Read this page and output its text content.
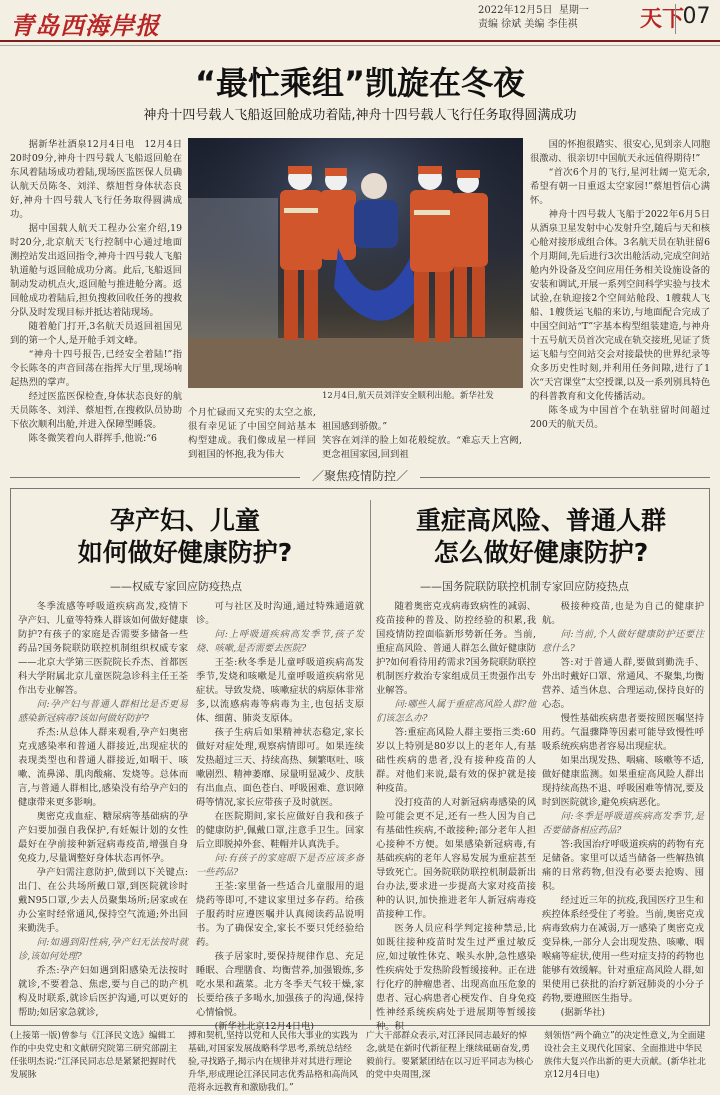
青岛西海岸报
2022年12月5日 星期一
责编 徐斌 美编 李佳祺	天下
07
“最忙乘组”凯旋在冬夜
神舟十四号载人飞船返回舱成功着陆,神舟十四号载人飞行任务取得圆满成功

据新华社酒泉12月4日电　12月4日20时09分,神舟十四号载人飞船返回舱在东风着陆场成功着陆,现场医监医保人员确认航天员陈冬、刘洋、蔡旭哲身体状态良好,神舟十四号载人飞行任务取得圆满成功。

据中国载人航天工程办公室介绍,19时20分,北京航天飞行控制中心通过地面测控站发出返回指令,神舟十四号载人飞船轨道舱与返回舱成功分离。此后,飞船返回制动发动机点火,返回舱与推进舱分离。返回舱成功着陆后,担负搜救回收任务的搜救分队及时发现目标并抵达着陆现场。

随着舱门打开,3名航天员返回祖国见到的第一个人,是开舱手刘文峰。

“神舟十四号报告,已经安全着陆!”指令长陈冬的声音回荡在指挥大厅里,现场响起热烈的掌声。

经过医监医保检查,身体状态良好的航天员陈冬、刘洋、蔡旭哲,在搜救队员协助下依次顺利出舱,并进入保障型睡袋。

陈冬微笑着向人群挥手,他说:“6

12月4日,航天员刘洋安全顺利出舱。新华社发
个月忙碌而又充实的太空之旅,很有幸见证了中国空间站基本构型建成。我们像成星一样回到祖国的怀抱,我为伟大
祖国感到骄傲。”
笑容在刘洋的脸上如花般绽放。“难忘天上宫阙,更念祖国家园,回到祖

国的怀抱很踏实、很安心,见到亲人同胞很激动、很亲切!中国航天永远值得期待!”

“首次6个月的飞行,星河壮阔一览无余,希望有朝一日重返太空家园!”蔡旭哲信心满怀。

神舟十四号载人飞船于2022年6月5日从酒泉卫星发射中心发射升空,随后与天和核心舱对接形成组合体。3名航天员在轨驻留6个月期间,先后进行3次出舱活动,完成空间站舱内外设备及空间应用任务相关设施设备的安装和调试,开展一系列空间科学实验与技术试验,在轨迎接2个空间站舱段、1艘载人飞船、1艘货运飞船的来访,与地面配合完成了中国空间站“T”字基本构型组装建造,与神舟十五号航天员首次完成在轨交接班,见证了货运飞船与空间站交会对接最快的世界纪录等众多历史性时刻,并利用任务间隙,进行了1次“天宫课堂”太空授课,以及一系列别具特色的科普教育和文化传播活动。

陈冬成为中国首个在轨驻留时间超过200天的航天员。

／聚焦疫情防控／
孕产妇、儿童
如何做好健康防护?
——权威专家回应防疫热点

冬季流感等呼吸道疾病高发,疫情下孕产妇、儿童等特殊人群该如何做好健康防护?有孩子的家庭是否需要多储备一些药品?国务院联防联控机制组织权威专家——北京大学第三医院院长乔杰、首都医科大学附属北京儿童医院急诊科主任王荃作出专业解答。

问:孕产妇与普通人群相比是否更易感染新冠病毒?该如何做好防护?

乔杰:从总体人群来观看,孕产妇奥密克戎感染率和普通人群接近,出现症状的表现类型也和普通人群接近,如咽干、咳嗽、流鼻涕、肌肉酸痛、发烧等。总体而言,与普通人群相比,感染没有给孕产妇的健康带来更多影响。

奥密克戎血症、糖尿病等基础病的孕产妇要加强自我保护,有妊娠计划的女性最好在孕前接种新冠病毒疫苗,增强自身免疫力,尽量调整好身体状态再怀孕。

孕产妇需注意防护,做到以下关键点:出门、在公共场所戴口罩,到医院就诊时戴N95口罩,少去人员聚集场所;居家或在办公室时经常通风,保持空气流通;外出回来勤洗手。

问:如遇到阳性病,孕产妇无法按时就诊,该如何处理?

乔杰:孕产妇如遇到阳感染无法按时就诊,不要着急、焦虑,要与自己的助产机构及时联系,就诊后医护沟通,可以更好的帮助;如居家急就诊,

可与社区及时沟通,通过特殊通道就诊。

问:上呼吸道疾病高发季节,孩子发烧、咳嗽,是否需要去医院?

王荃:秋冬季是儿童呼吸道疾病高发季节,发烧和咳嗽是儿童呼吸道疾病常见症状。导致发烧、咳嗽症状的病原体非常多,以流感病毒等病毒为主,也包括支原体、细菌、肺炎支原体。

孩子生病后如果精神状态稳定,家长做好对症处理,观察病情即可。如果连续发热超过三天、持续高热、频繁呕吐、咳嗽剧烈、精神萎靡、尿量明显减少、皮肤有出血点、面色苍白、呼吸困难、意识障碍等情况,家长应带孩子及时就医。

在医院期间,家长应做好自我和孩子的健康防护,佩戴口罩,注意手卫生。回家后立即脱掉外套、鞋帽并认真洗手。

问:有孩子的家庭眼下是否应该多备一些药品?

王荃:家里备一些适合儿童服用的退烧药等即可,不建议家里过多存药。给孩子服药时应遵医嘱并认真阅读药品说明书。为了确保安全,家长不要只凭经验给药。

孩子居家时,要保持规律作息、充足睡眠、合理膳食、均衡营养,加强锻炼,多吃水果和蔬菜。北方冬季天气较干燥,家长要给孩子多喝水,加强孩子的沟通,保持心情愉悦。

(新华社北京12月4日电)

重症高风险、普通人群
怎么做好健康防护?
——国务院联防联控机制专家回应防疫热点

随着奥密克戎病毒致病性的减弱、疫苗接种的普及、防控经验的积累,我国疫情防控面临新形势新任务。当前,重症高风险、普通人群怎么做好健康防护?如何看待用药需求?国务院联防联控机制医疗救治专家组成员王贵强作出专业解答。

问:哪些人属于重症高风险人群?他们该怎么办?

答:重症高风险人群主要指三类:60岁以上特别是80岁以上的老年人,有基础性疾病的患者,没有接种疫苗的人群。对他们来说,最有效的保护就是接种疫苗。

没打疫苗的人对新冠病毒感染的风险可能会更不足,还有一些人因为自己有基础性疾病,不敢接种;部分老年人担心接种不方便。如果感染新冠病毒,有基础疾病的老年人容易发展为重症甚至导致死亡。国务院联防联控机制最新出台办法,要求进一步提高大家对疫苗接种的认识,加快推进老年人新冠病毒疫苗接种工作。

医务人员应科学判定接种禁忌,比如既往接种疫苗时发生过严重过敏反应,如过敏性休克、喉头水肿,急性感染性疾病处于发热阶段暂缓接种。正在进行化疗的肿瘤患者、出现高血压危象的患者、冠心病患者心梗发作、自身免疫性神经系统疾病处于进展期等暂缓接种。积

极接种疫苗,也是为自己的健康护航。

问:当前,个人做好健康防护还要注意什么?

答:对于普通人群,要做到勤洗手、外出时戴好口罩、常通风、不聚集,均衡营养、适当休息、合理运动,保持良好的心态。

慢性基础疾病患者要按照医嘱坚持用药。气温骤降等因素可能导致慢性呼吸系统疾病患者容易出现症状。

如果出现发热、咽痛、咳嗽等不适,做好健康监测。如果重症高风险人群出现持续高热不退、呼吸困难等情况,要及时到医院就诊,避免疾病恶化。

问:冬季是呼吸道疾病高发季节,是否要储备相应药品?

答:我国治疗呼吸道疾病的药物有充足储备。家里可以适当储备一些解热镇痛的日常药物,但没有必要去抢购、囤积。

经过近三年的抗疫,我国医疗卫生和疾控体系经受住了考验。当前,奥密克戎病毒致病力在减弱,万一感染了奥密克戎变异株,一部分人会出现发热、咳嗽、咽喉痛等症状,使用一些对症支持的药物也能够有效缓解。针对重症高风险人群,如果使用已获批的治疗新冠肺炎的小分子药物,要遵照医生指导。

(据新华社)

(上接第一版)曾参与《江泽民文选》编辑工作的中央党史和文献研究院第三研究部副主任张明杰说:“江泽民同志总是紧紧把握时代发展脉
搏和契机,坚持以党和人民伟大事业的实践为基础,对国家发展战略科学思考,系统总结经验,寻找路子,揭示内在规律并对其进行理论升华,形成理论江泽民同志优秀品格和高尚风范将永远教育和激励我们。”
广大干部群众表示,对江泽民同志最好的悼念,就是在新时代新征程上继续砥砺奋发,勇毅前行。要紧紧团结在以习近平同志为核心的党中央周围,深
刻领悟“两个确立”的决定性意义,为全面建设社会主义现代化国家、全面推进中华民族伟大复兴作出新的更大贡献。(新华社北京12月4日电)
